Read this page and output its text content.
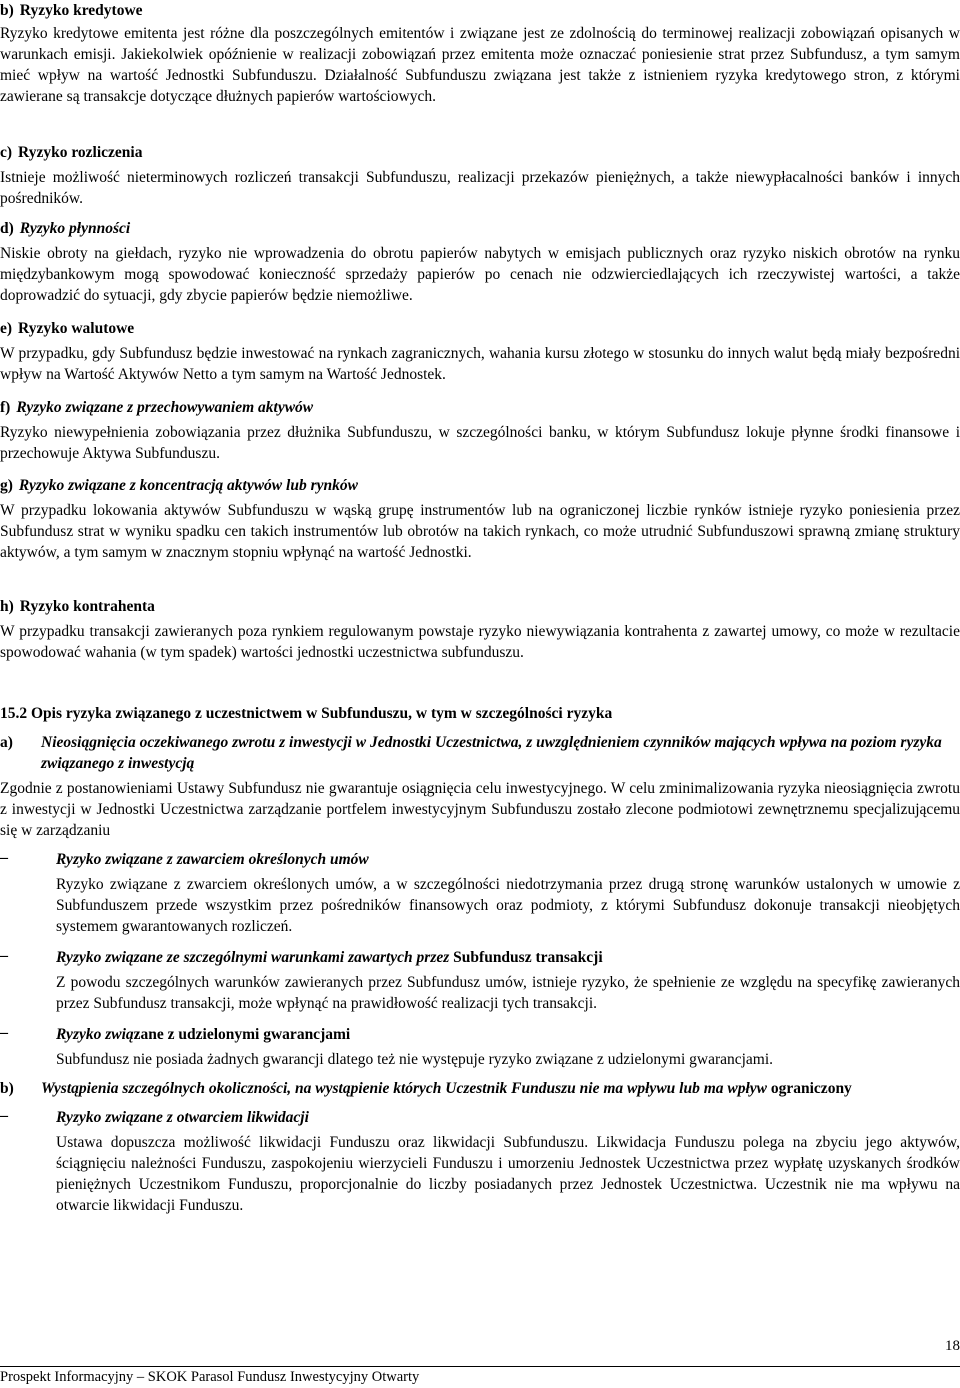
b) Ryzyko kredytowe
Ryzyko kredytowe emitenta jest różne dla poszczególnych emitentów i związane jest ze zdolnością do terminowej realizacji zobowiązań opisanych w warunkach emisji. Jakiekolwiek opóźnienie w realizacji zobowiązań przez emitenta może oznaczać poniesienie strat przez Subfundusz, a tym samym mieć wpływ na wartość Jednostki Subfunduszu. Działalność Subfunduszu związana jest także z istnieniem ryzyka kredytowego stron, z którymi zawierane są transakcje dotyczące dłużnych papierów wartościowych.
c) Ryzyko rozliczenia
Istnieje możliwość nieterminowych rozliczeń transakcji Subfunduszu, realizacji przekazów pieniężnych, a także niewypłacalności banków i innych pośredników.
d) Ryzyko płynności
Niskie obroty na giełdach, ryzyko nie wprowadzenia do obrotu papierów nabytych w emisjach publicznych oraz ryzyko niskich obrotów na rynku międzybankowym mogą spowodować konieczność sprzedaży papierów po cenach nie odzwierciedlających ich rzeczywistej wartości, a także doprowadzić do sytuacji, gdy zbycie papierów będzie niemożliwe.
e) Ryzyko walutowe
W przypadku, gdy Subfundusz będzie inwestować na rynkach zagranicznych, wahania kursu złotego w stosunku do innych walut będą miały bezpośredni wpływ na Wartość Aktywów Netto a tym samym na Wartość Jednostek.
f) Ryzyko związane z przechowywaniem aktywów
Ryzyko niewypełnienia zobowiązania przez dłużnika Subfunduszu, w szczególności banku, w którym Subfundusz lokuje płynne środki finansowe i przechowuje Aktywa Subfunduszu.
g) Ryzyko związane z koncentracją aktywów lub rynków
W przypadku lokowania aktywów Subfunduszu w wąską grupę instrumentów lub na ograniczonej liczbie rynków istnieje ryzyko poniesienia przez Subfundusz strat w wyniku spadku cen takich instrumentów lub obrotów na takich rynkach, co może utrudnić Subfunduszowi sprawną zmianę struktury aktywów, a tym samym w znacznym stopniu wpłynąć na wartość Jednostki.
h) Ryzyko kontrahenta
W przypadku transakcji zawieranych poza rynkiem regulowanym powstaje ryzyko niewywiązania kontrahenta z zawartej umowy, co może w rezultacie spowodować wahania (w tym spadek) wartości jednostki uczestnictwa subfunduszu.
15.2 Opis ryzyka związanego z uczestnictwem w Subfunduszu, w tym w szczególności ryzyka
a) Nieosiągnięcia oczekiwanego zwrotu z inwestycji w Jednostki Uczestnictwa, z uwzględnieniem czynników mających wpływa na poziom ryzyka związanego z inwestycją
Zgodnie z postanowieniami Ustawy Subfundusz nie gwarantuje osiągnięcia celu inwestycyjnego. W celu zminimalizowania ryzyka nieosiągnięcia zwrotu z inwestycji w Jednostki Uczestnictwa zarządzanie portfelem inwestycyjnym Subfunduszu zostało zlecone podmiotowi zewnętrznemu specjalizującemu się w zarządzaniu
–	Ryzyko związane z zawarciem określonych umów
Ryzyko związane z zwarciem określonych umów, a w szczególności niedotrzymania przez drugą stronę warunków ustalonych w umowie z Subfunduszem przede wszystkim przez pośredników finansowych oraz podmioty, z którymi Subfundusz dokonuje transakcji nieobjętych systemem gwarantowanych rozliczeń.
–	Ryzyko związane ze szczególnymi warunkami zawartych przez Subfundusz transakcji
Z powodu szczególnych warunków zawieranych przez Subfundusz umów, istnieje ryzyko, że spełnienie ze względu na specyfikę zawieranych przez Subfundusz transakcji, może wpłynąć na prawidłowość realizacji tych transakcji.
–	Ryzyko związane z udzielonymi gwarancjami
Subfundusz nie posiada żadnych gwarancji dlatego też nie występuje ryzyko związane z udzielonymi gwarancjami.
b) Wystąpienia szczególnych okoliczności, na wystąpienie których Uczestnik Funduszu nie ma wpływu lub ma wpływ ograniczony
–	Ryzyko związane z otwarciem likwidacji
Ustawa dopuszcza możliwość likwidacji Funduszu oraz likwidacji Subfunduszu. Likwidacja Funduszu polega na zbyciu jego aktywów, ściągnięciu należności Funduszu, zaspokojeniu wierzycieli Funduszu i umorzeniu Jednostek Uczestnictwa przez wypłatę uzyskanych środków pieniężnych Uczestnikom Funduszu, proporcjonalnie do liczby posiadanych przez Jednostek Uczestnictwa. Uczestnik nie ma wpływu na otwarcie likwidacji Funduszu.
18
Prospekt Informacyjny – SKOK Parasol Fundusz Inwestycyjny Otwarty
